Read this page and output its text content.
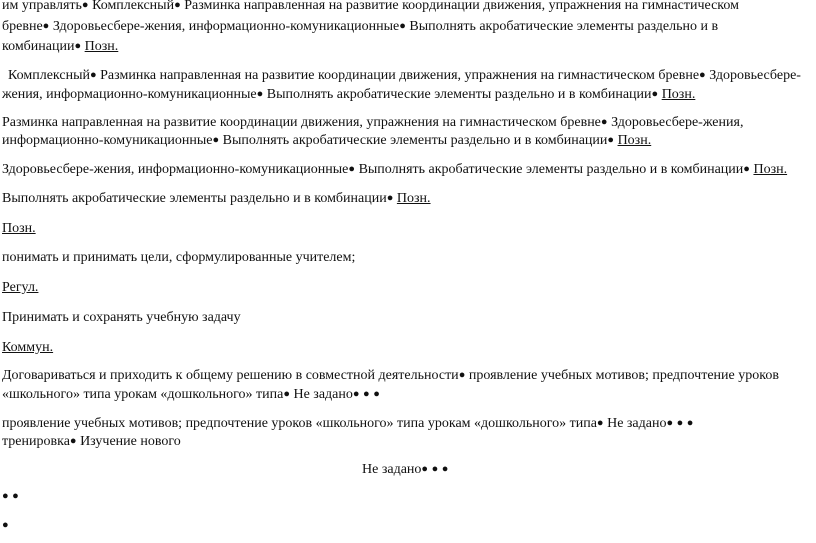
им управлять● Комплексный● Разминка направленная на развитие координации движения, упражнения на гимнастическом
бревне● Здоровьесбере-жения, информационно-комуникационные● Выполнять акробатические элементы раздельно и в
комбинации● Позн.
Комплексный● Разминка направленная на развитие координации движения, упражнения на гимнастическом бревне● Здоровьесбере-
жения, информационно-комуникационные● Выполнять акробатические элементы раздельно и в комбинации● Позн.
Разминка направленная на развитие координации движения, упражнения на гимнастическом бревне● Здоровьесбере-жения,
информационно-комуникационные● Выполнять акробатические элементы раздельно и в комбинации● Позн.
Здоровьесбере-жения, информационно-комуникационные● Выполнять акробатические элементы раздельно и в комбинации● Позн.
Выполнять акробатические элементы раздельно и в комбинации● Позн.
Позн.
понимать и принимать цели, сформулированные учителем;
Регул.
Принимать и сохранять учебную задачу
Коммун.
Договариваться и приходить к общему решению в совместной деятельности● проявление учебных мотивов; предпочтение уроков
«школьного» типа урокам «дошкольного» типа● Не задано● ● ●
проявление учебных мотивов; предпочтение уроков «школьного» типа урокам «дошкольного» типа● Не задано● ● ●
тренировка● Изучение нового
Не задано● ● ●
● ●
●
